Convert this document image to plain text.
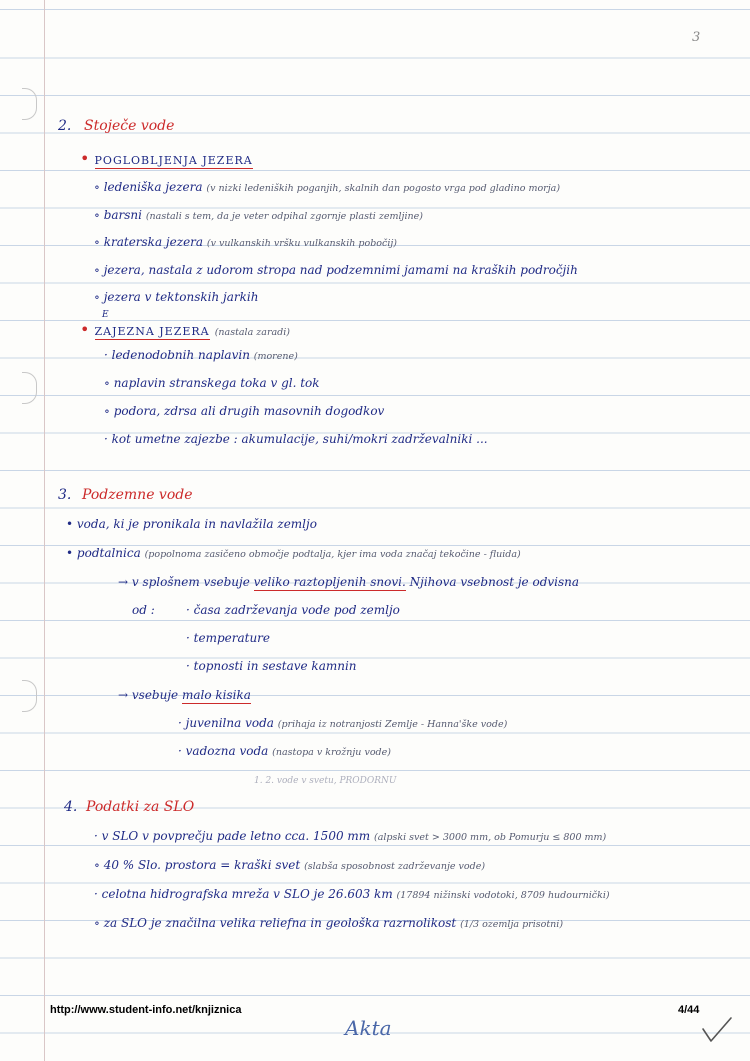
3
2. Stoječe vode
• POGLOBLJENJA JEZERA
∘ ledeniška jezera (v nizki ledeniških poganjih, skalnih dan pogosto vrga pod gladino morja)
∘ barsni (nastali s tem, da je veter odpihal zgornje plasti zemljine)
∘ kraterska jezera (v vulkanskih vršku vulkanskih pobočij)
∘ jezera, nastala z udorom stropa nad podzemnimi jamami na kraških področjih
∘ jezera v tektonskih jarkih
E
• ZAJEZNA JEZERA (nastala zaradi)
· ledenodobnih naplavin (morene)
∘ naplavin stranskega toka v gl. tok
∘ podora, zdrsa ali drugih masovnih dogodkov
· kot umetne zajezbe : akumulacije, suhi/mokri zadrževalniki ...
3. Podzemne vode
• voda, ki je pronikala in navlažila zemljo
• podtalnica (popolnoma zasičeno območje podtalja, kjer ima voda značaj tekočine - fluida)
→ v splošnem vsebuje veliko raztopljenih snovi. Njihova vsebnost je odvisna
od :	· časa zadrževanja vode pod zemljo
· temperature
· topnosti in sestave kamnin
→ vsebuje malo kisika
· juvenilna voda (prihaja iz notranjosti Zemlje - Hanna'ške vode)
· vadozna voda (nastopa v krožnju vode)
1. 2. vode v svetu, PRODORNU
4. Podatki za SLO
· v SLO v povprečju pade letno cca. 1500 mm (alpski svet > 3000 mm, ob Pomurju ≤ 800 mm)
∘ 40 % Slo. prostora = kraški svet (slabša sposobnost zadrževanje vode)
· celotna hidrografska mreža v SLO je 26.603 km (17894 nižinski vodotoki, 8709 hudournički)
∘ za SLO je značilna velika reliefna in geološka razrnolikost (1/3 ozemlja prisotni)
http://www.student-info.net/knjiznica	4/44
Akta
